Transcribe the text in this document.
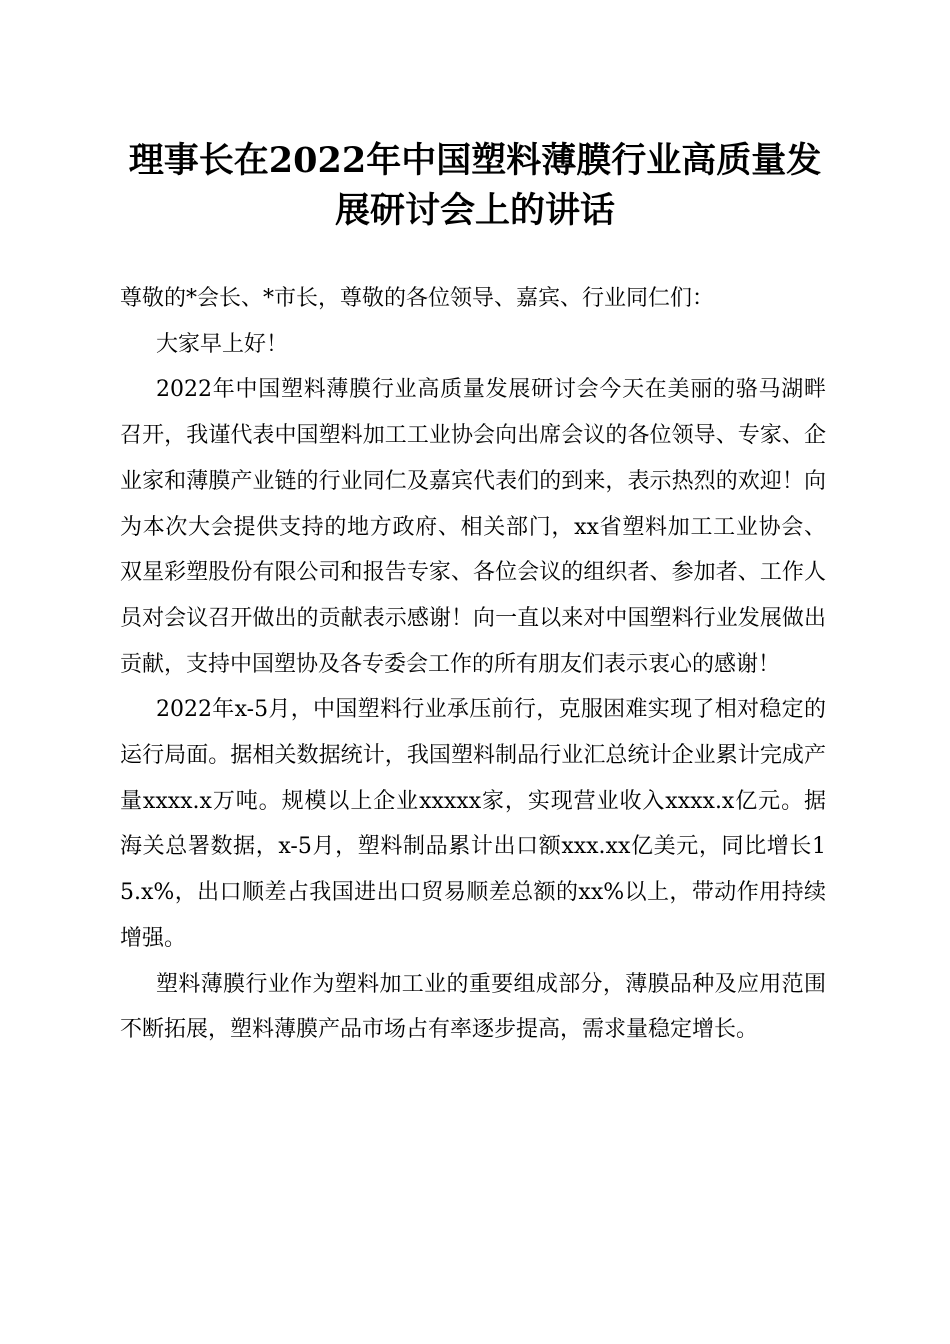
理事长在2022年中国塑料薄膜行业高质量发
展研讨会上的讲话

尊敬的*会长、*市长，尊敬的各位领导、嘉宾、行业同仁们：

大家早上好！

2022年中国塑料薄膜行业高质量发展研讨会今天在美丽的骆马湖畔召开，我谨代表中国塑料加工工业协会向出席会议的各位领导、专家、企业家和薄膜产业链的行业同仁及嘉宾代表们的到来，表示热烈的欢迎！向为本次大会提供支持的地方政府、相关部门，xx省塑料加工工业协会、双星彩塑股份有限公司和报告专家、各位会议的组织者、参加者、工作人员对会议召开做出的贡献表示感谢！向一直以来对中国塑料行业发展做出贡献，支持中国塑协及各专委会工作的所有朋友们表示衷心的感谢！

2022年x-5月，中国塑料行业承压前行，克服困难实现了相对稳定的运行局面。据相关数据统计，我国塑料制品行业汇总统计企业累计完成产量xxxx.x万吨。规模以上企业xxxxx家，实现营业收入xxxx.x亿元。据海关总署数据，x-5月，塑料制品累计出口额xxx.xx亿美元，同比增长15.x%，出口顺差占我国进出口贸易顺差总额的xx%以上，带动作用持续增强。

塑料薄膜行业作为塑料加工业的重要组成部分，薄膜品种及应用范围不断拓展，塑料薄膜产品市场占有率逐步提高，需求量稳定增长。
